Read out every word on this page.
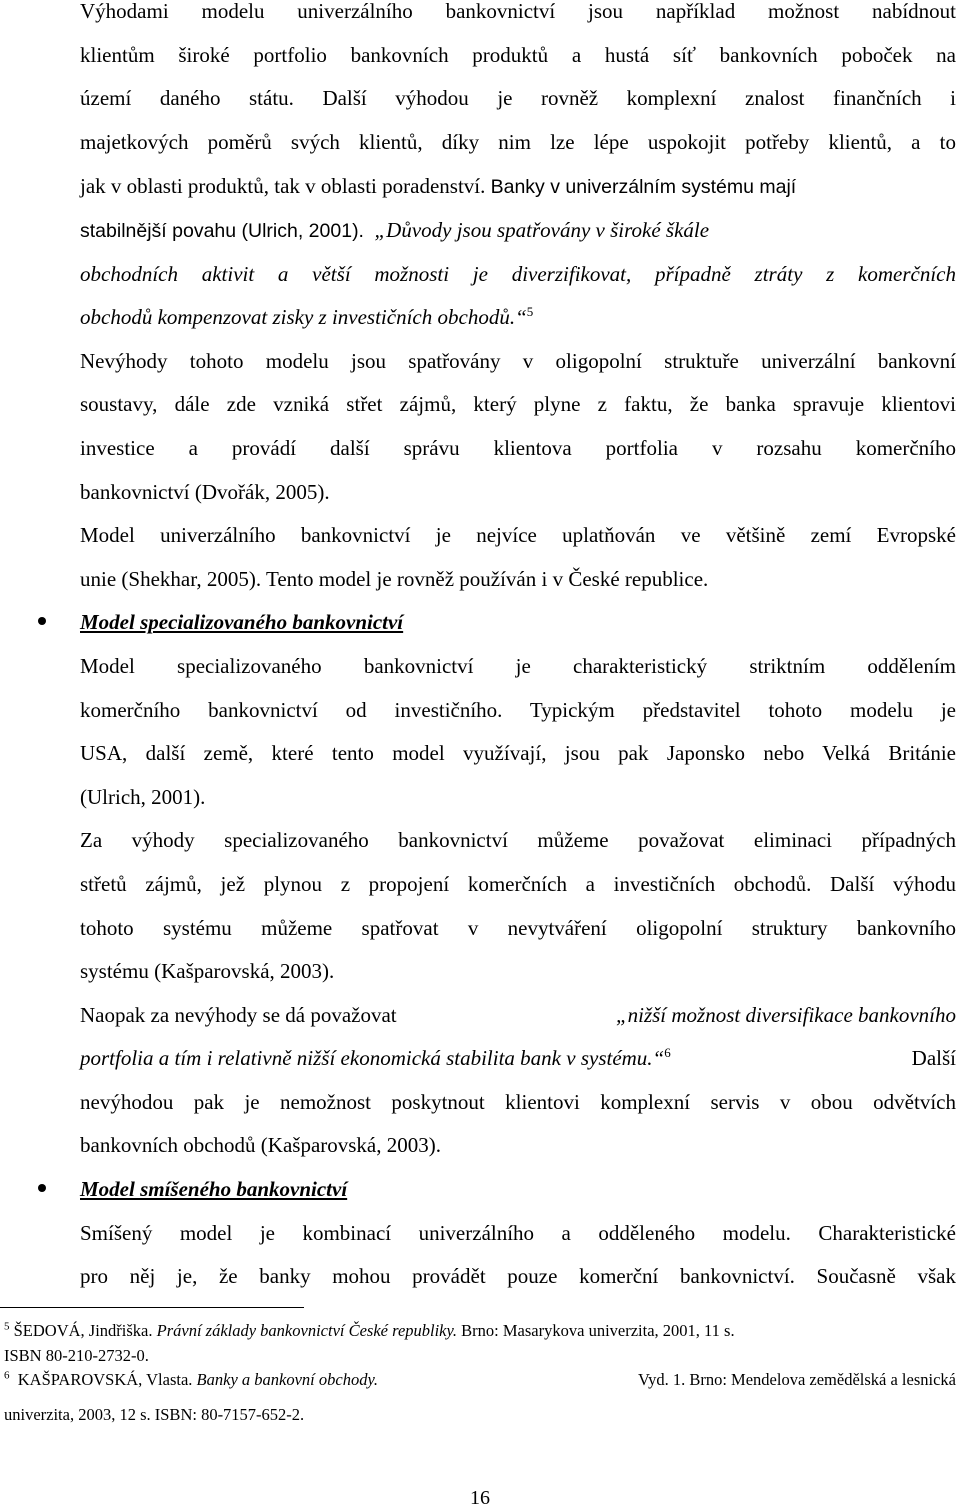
Výhodami modelu univerzálního bankovnictví jsou například možnost nabídnout
klientům široké portfolio bankovních produktů a hustá síť bankovních poboček na
území daného státu. Další výhodou je rovněž komplexní znalost finančních i
majetkových poměrů svých klientů, díky nim lze lépe uspokojit potřeby klientů, a to
jak v oblasti produktů, tak v oblasti poradenství. Banky v univerzálním systému mají
stabilnější povahu (Ulrich, 2001). „Důvody jsou spatřovány v široké škále
obchodních aktivit a větší možnosti je diverzifikovat, případně ztráty z komerčních
obchodů kompenzovat zisky z investičních obchodů.“$^5$
Nevýhody tohoto modelu jsou spatřovány v oligopolní struktuře univerzální bankovní
soustavy, dále zde vzniká střet zájmů, který plyne z faktu, že banka spravuje klientovi
investice a provádí další správu klientova portfolia v rozsahu komerčního
bankovnictví (Dvořák, 2005).
Model univerzálního bankovnictví je nejvíce uplatňován ve většině zemí Evropské
unie (Shekhar, 2005). Tento model je rovněž používán i v České republice.
Model specializovaného bankovnictví
Model specializovaného bankovnictví je charakteristický striktním oddělením
komerčního bankovnictví od investičního. Typickým představitel tohoto modelu je
USA, další země, které tento model využívají, jsou pak Japonsko nebo Velká Británie
(Ulrich, 2001).
Za výhody specializovaného bankovnictví můžeme považovat eliminaci případných
střetů zájmů, jež plynou z propojení komerčních a investičních obchodů. Další výhodu
tohoto systému můžeme spatřovat v nevytváření oligopolní struktury bankovního
systému (Kašparovská, 2003).
Naopak za nevýhody se dá považovat	„nižší možnost diversifikace bankovního
portfolia a tím i relativně nižší ekonomická stabilita bank v systému.“$^6$	Další
nevýhodou pak je nemožnost poskytnout klientovi komplexní servis v obou odvětvích
bankovních obchodů (Kašparovská, 2003).
Model smíšeného bankovnictví
Smíšený model je kombinací univerzálního a odděleného modelu. Charakteristické
pro něj je, že banky mohou provádět pouze komerční bankovnictví. Současně však
$^5$ ŠEDOVÁ, Jindřiška. Právní základy bankovnictví České republiky. Brno: Masarykova univerzita, 2001, 11 s.
ISBN 80-210-2732-0.
$^6$ KAŠPAROVSKÁ, Vlasta. Banky a bankovní obchody.	Vyd. 1. Brno: Mendelova zemědělská a lesnická
univerzita, 2003, 12 s. ISBN: 80-7157-652-2.
16
